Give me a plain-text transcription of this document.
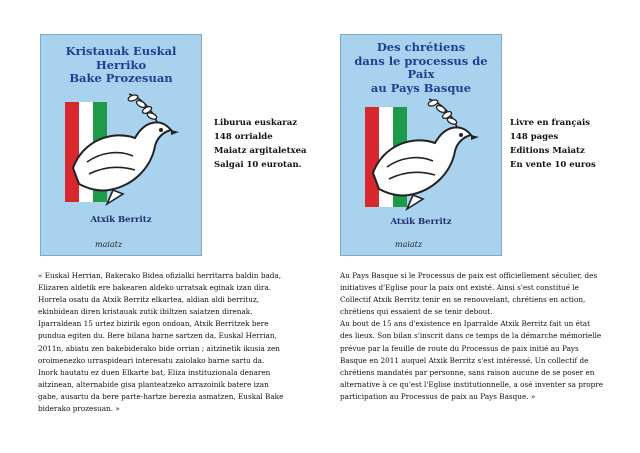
Kristauak Euskal Herriko
Bake Prozesuan
Atxik Berritz
maiatz
Liburua euskaraz
148 orrialde
Maiatz argitaletxea
Salgai 10 eurotan.
Des chrétiens
dans le processus de Paix
au Pays Basque
Atxik Berritz
maiatz
Livre en français
148 pages
Editions Maiatz
En vente 10 euros

« Euskal Herrian, Bakerako Bidea ofizialki herritarra baldin bada,
Elizaren aldetik ere bakearen aldeko urratsak eginak izan dira.
Horrela osatu da Atxik Berritz elkartea, aldian aldi berrituz,
ekinbidean diren kristauak zutik ibiltzen saiatzen direnak.
Iparraldean 15 urtez bizirik egon ondoan, Atxik Berritzek bere
pundua egiten du. Bere bilana barne sartzen da, Euskal Herrian,
2011n, abiatu zen bakebiderako bide orrian ; aitzinetik ikusia zen
oroimenezko urraspideari interesatu zaiolako barne sartu da.
Inork hautatu ez duen Elkarte bat, Eliza instituzionala denaren
aitzinean, alternabide gisa planteatzeko arrazoinik batere izan
gabe, ausartu da bere parte-hartze berezia asmatzen, Euskal Bake
biderako prozesuan. »

Au Pays Basque si le Processus de paix est officiellement séculier, des
initiatives d'Eglise pour la paix ont existé. Ainsi s'est constitué le
Collectif Atxik Berritz tenir en se renouvelant, chrétiens en action,
chrétiens qui essaient de se tenir debout.
Au bout de 15 ans d'existence en Iparralde Atxik Berritz fait un état
des lieux. Son bilan s'inscrit dans ce temps de la démarche mémorielle
prévue par la feuille de route du Processus de paix initié au Pays
Basque en 2011 auquel Atxik Berritz s'est intéressé. Un collectif de
chrétiens mandatés par personne, sans raison aucune de se poser en
alternative à ce qu'est l'Eglise institutionnelle, a osé inventer sa propre
participation au Processus de paix au Pays Basque. »
